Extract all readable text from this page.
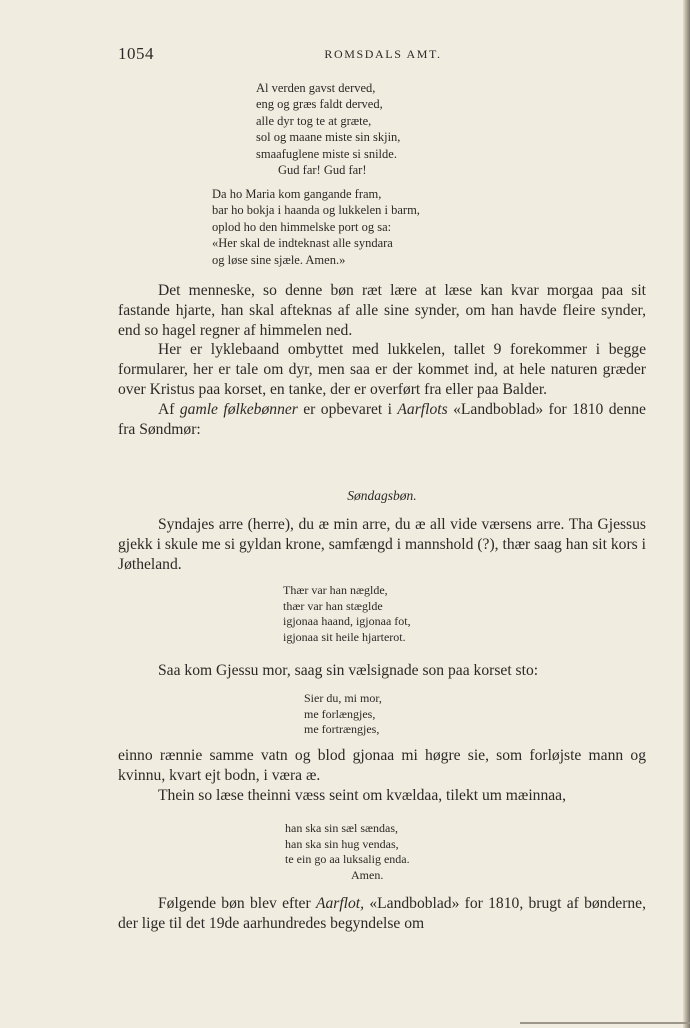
1054	ROMSDALS AMT.
Al verden gavst derved,
eng og græs faldt derved,
alle dyr tog te at græte,
sol og maane miste sin skjin,
smaafuglene miste si snilde.
Gud far! Gud far!
Da ho Maria kom gangande fram,
bar ho bokja i haanda og lukkelen i barm,
oplod ho den himmelske port og sa:
«Her skal de indteknast alle syndara
og løse sine sjæle. Amen.»

Det menneske, so denne bøn ræt lære at læse kan kvar morgaa paa sit fastande hjarte, han skal afteknas af alle sine synder, om han havde fleire synder, end so hagel regner af himmelen ned.

Her er lyklebaand ombyttet med lukkelen, tallet 9 forekommer i begge formularer, her er tale om dyr, men saa er der kommet ind, at hele naturen græder over Kristus paa korset, en tanke, der er overført fra eller paa Balder.

Af gamle følkebønner er opbevaret i Aarflots «Landboblad» for 1810 denne fra Søndmør:

Søndagsbøn.

Syndajes arre (herre), du æ min arre, du æ all vide værsens arre. Tha Gjessus gjekk i skule me si gyldan krone, samfængd i mannshold (?), thær saag han sit kors i Jøtheland.

Thær var han næglde,
thær var han stæglde
igjonaa haand, igjonaa fot,
igjonaa sit heile hjarterot.

Saa kom Gjessu mor, saag sin vælsignade son paa korset sto:

Sier du, mi mor,
me forlængjes,
me fortrængjes,

einno rænnie samme vatn og blod gjonaa mi høgre sie, som forløjste mann og kvinnu, kvart ejt bodn, i væra æ.

Thein so læse theinni væss seint om kvældaa, tilekt um mæinnaa,

han ska sin sæl sændas,
han ska sin hug vendas,
te ein go aa luksalig enda.
Amen.

Følgende bøn blev efter Aarflot, «Landboblad» for 1810, brugt af bønderne, der lige til det 19de aarhundredes begyndelse om
